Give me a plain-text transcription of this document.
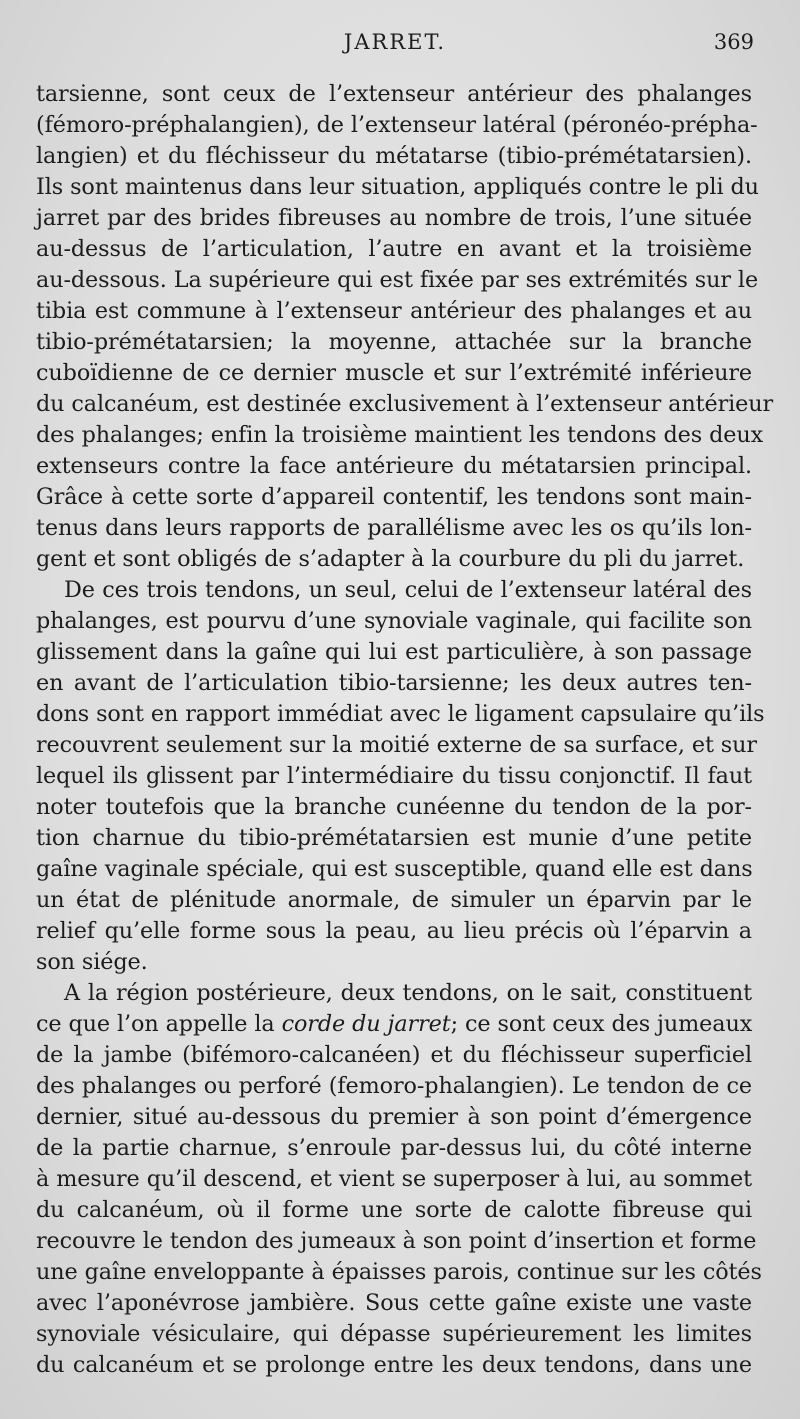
JARRET.	369
tarsienne, sont ceux de l’extenseur antérieur des phalanges
(fémoro-préphalangien), de l’extenseur latéral (péronéo-prépha-
langien) et du fléchisseur du métatarse (tibio-prémétatarsien).
Ils sont maintenus dans leur situation, appliqués contre le pli du
jarret par des brides fibreuses au nombre de trois, l’une située
au-dessus de l’articulation, l’autre en avant et la troisième
au-dessous. La supérieure qui est fixée par ses extrémités sur le
tibia est commune à l’extenseur antérieur des phalanges et au
tibio-prémétatarsien; la moyenne, attachée sur la branche
cuboïdienne de ce dernier muscle et sur l’extrémité inférieure
du calcanéum, est destinée exclusivement à l’extenseur antérieur
des phalanges; enfin la troisième maintient les tendons des deux
extenseurs contre la face antérieure du métatarsien principal.
Grâce à cette sorte d’appareil contentif, les tendons sont main-
tenus dans leurs rapports de parallélisme avec les os qu’ils lon-
gent et sont obligés de s’adapter à la courbure du pli du jarret.
De ces trois tendons, un seul, celui de l’extenseur latéral des
phalanges, est pourvu d’une synoviale vaginale, qui facilite son
glissement dans la gaîne qui lui est particulière, à son passage
en avant de l’articulation tibio-tarsienne; les deux autres ten-
dons sont en rapport immédiat avec le ligament capsulaire qu’ils
recouvrent seulement sur la moitié externe de sa surface, et sur
lequel ils glissent par l’intermédiaire du tissu conjonctif. Il faut
noter toutefois que la branche cunéenne du tendon de la por-
tion charnue du tibio-prémétatarsien est munie d’une petite
gaîne vaginale spéciale, qui est susceptible, quand elle est dans
un état de plénitude anormale, de simuler un éparvin par le
relief qu’elle forme sous la peau, au lieu précis où l’éparvin a
son siége.
A la région postérieure, deux tendons, on le sait, constituent
ce que l’on appelle la corde du jarret; ce sont ceux des jumeaux
de la jambe (bifémoro-calcanéen) et du fléchisseur superficiel
des phalanges ou perforé (femoro-phalangien). Le tendon de ce
dernier, situé au-dessous du premier à son point d’émergence
de la partie charnue, s’enroule par-dessus lui, du côté interne
à mesure qu’il descend, et vient se superposer à lui, au sommet
du calcanéum, où il forme une sorte de calotte fibreuse qui
recouvre le tendon des jumeaux à son point d’insertion et forme
une gaîne enveloppante à épaisses parois, continue sur les côtés
avec l’aponévrose jambière. Sous cette gaîne existe une vaste
synoviale vésiculaire, qui dépasse supérieurement les limites
du calcanéum et se prolonge entre les deux tendons, dans une
